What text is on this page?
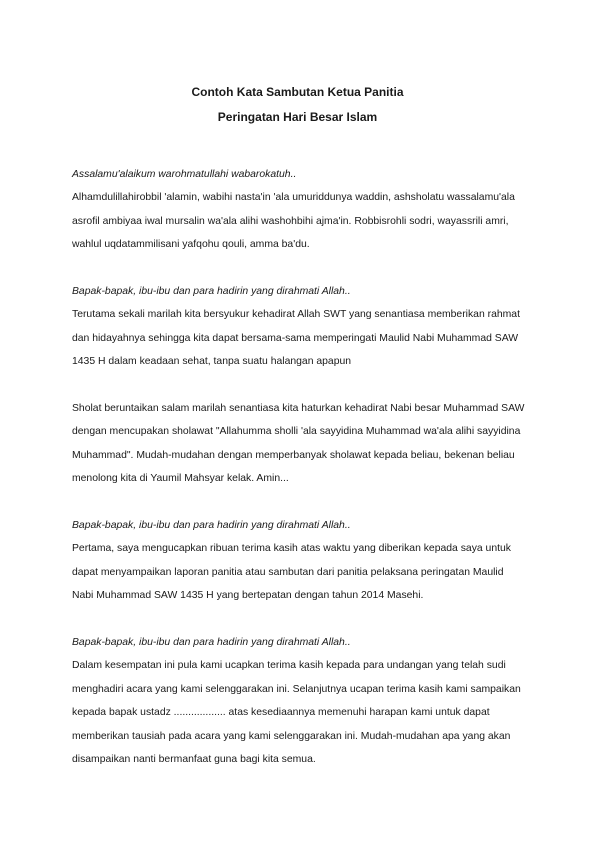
Contoh Kata Sambutan Ketua Panitia
Peringatan Hari Besar Islam

Assalamu'alaikum warohmatullahi wabarokatuh..

Alhamdulillahirobbil 'alamin, wabihi nasta'in 'ala umuriddunya waddin, ashsholatu wassalamu'ala asrofil ambiyaa iwal mursalin wa'ala alihi washohbihi ajma'in. Robbisrohli sodri, wayassrili amri, wahlul uqdatammilisani yafqohu qouli, amma ba'du.

Bapak-bapak, ibu-ibu dan para hadirin yang dirahmati Allah..

Terutama sekali marilah kita bersyukur kehadirat Allah SWT yang senantiasa memberikan rahmat dan hidayahnya sehingga kita dapat bersama-sama memperingati Maulid Nabi Muhammad SAW 1435 H dalam keadaan sehat, tanpa suatu halangan apapun

Sholat beruntaikan salam marilah senantiasa kita haturkan kehadirat Nabi besar Muhammad SAW dengan mencupakan sholawat "Allahumma sholli 'ala sayyidina Muhammad wa'ala alihi sayyidina Muhammad". Mudah-mudahan dengan memperbanyak sholawat kepada beliau, bekenan beliau menolong kita di Yaumil Mahsyar kelak. Amin...

Bapak-bapak, ibu-ibu dan para hadirin yang dirahmati Allah..

Pertama, saya mengucapkan ribuan terima kasih atas waktu yang diberikan kepada saya untuk dapat menyampaikan laporan panitia atau sambutan dari panitia pelaksana peringatan Maulid Nabi Muhammad SAW 1435 H yang bertepatan dengan tahun 2014 Masehi.

Bapak-bapak, ibu-ibu dan para hadirin yang dirahmati Allah..

Dalam kesempatan ini pula kami ucapkan terima kasih kepada para undangan yang telah sudi menghadiri acara yang kami selenggarakan ini. Selanjutnya ucapan terima kasih kami sampaikan kepada bapak ustadz .................. atas kesediaannya memenuhi harapan kami untuk dapat memberikan tausiah pada acara yang kami selenggarakan ini. Mudah-mudahan apa yang akan disampaikan nanti bermanfaat guna bagi kita semua.
